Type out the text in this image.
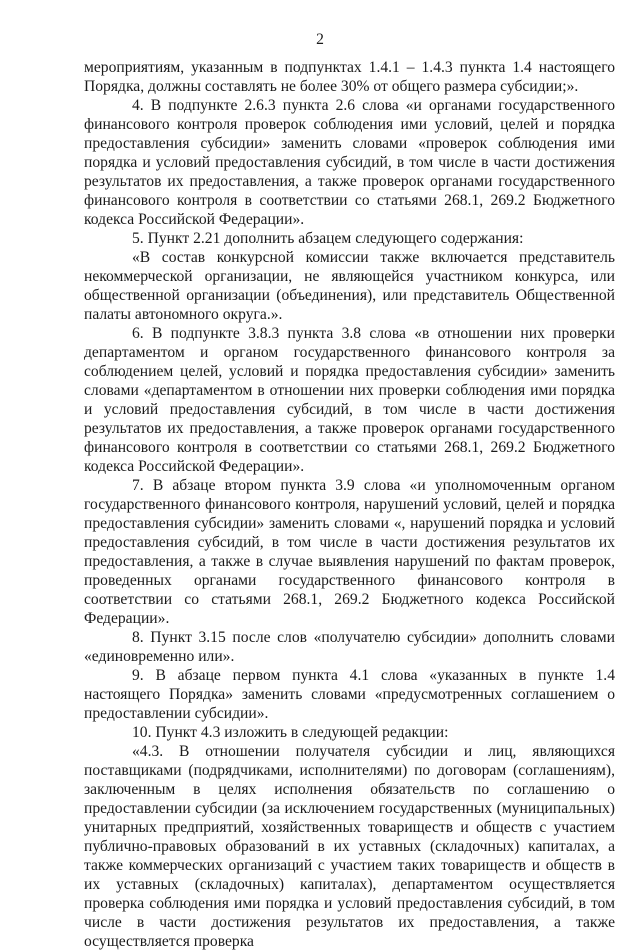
2

мероприятиям, указанным в подпунктах 1.4.1 – 1.4.3 пункта 1.4 настоящего Порядка, должны составлять не более 30% от общего размера субсидии;».

4. В подпункте 2.6.3 пункта 2.6 слова «и органами государственного финансового контроля проверок соблюдения ими условий, целей и порядка предоставления субсидии» заменить словами «проверок соблюдения ими порядка и условий предоставления субсидий, в том числе в части достижения результатов их предоставления, а также проверок органами государственного финансового контроля в соответствии со статьями 268.1, 269.2 Бюджетного кодекса Российской Федерации».

5. Пункт 2.21 дополнить абзацем следующего содержания:

«В состав конкурсной комиссии также включается представитель некоммерческой организации, не являющейся участником конкурса, или общественной организации (объединения), или представитель Общественной палаты автономного округа.».

6. В подпункте 3.8.3 пункта 3.8 слова «в отношении них проверки департаментом и органом государственного финансового контроля за соблюдением целей, условий и порядка предоставления субсидии» заменить словами «департаментом в отношении них проверки соблюдения ими порядка и условий предоставления субсидий, в том числе в части достижения результатов их предоставления, а также проверок органами государственного финансового контроля в соответствии со статьями 268.1, 269.2 Бюджетного кодекса Российской Федерации».

7. В абзаце втором пункта 3.9 слова «и уполномоченным органом государственного финансового контроля, нарушений условий, целей и порядка предоставления субсидии» заменить словами «, нарушений порядка и условий предоставления субсидий, в том числе в части достижения результатов их предоставления, а также в случае выявления нарушений по фактам проверок, проведенных органами государственного финансового контроля в соответствии со статьями 268.1, 269.2 Бюджетного кодекса Российской Федерации».

8. Пункт 3.15 после слов «получателю субсидии» дополнить словами «единовременно или».

9. В абзаце первом пункта 4.1 слова «указанных в пункте 1.4 настоящего Порядка» заменить словами «предусмотренных соглашением о предоставлении субсидии».

10. Пункт 4.3 изложить в следующей редакции:

«4.3. В отношении получателя субсидии и лиц, являющихся поставщиками (подрядчиками, исполнителями) по договорам (соглашениям), заключенным в целях исполнения обязательств по соглашению о предоставлении субсидии (за исключением государственных (муниципальных) унитарных предприятий, хозяйственных товариществ и обществ с участием публично-правовых образований в их уставных (складочных) капиталах, а также коммерческих организаций с участием таких товариществ и обществ в их уставных (складочных) капиталах), департаментом осуществляется проверка соблюдения ими порядка и условий предоставления субсидий, в том числе в части достижения результатов их предоставления, а также осуществляется проверка
